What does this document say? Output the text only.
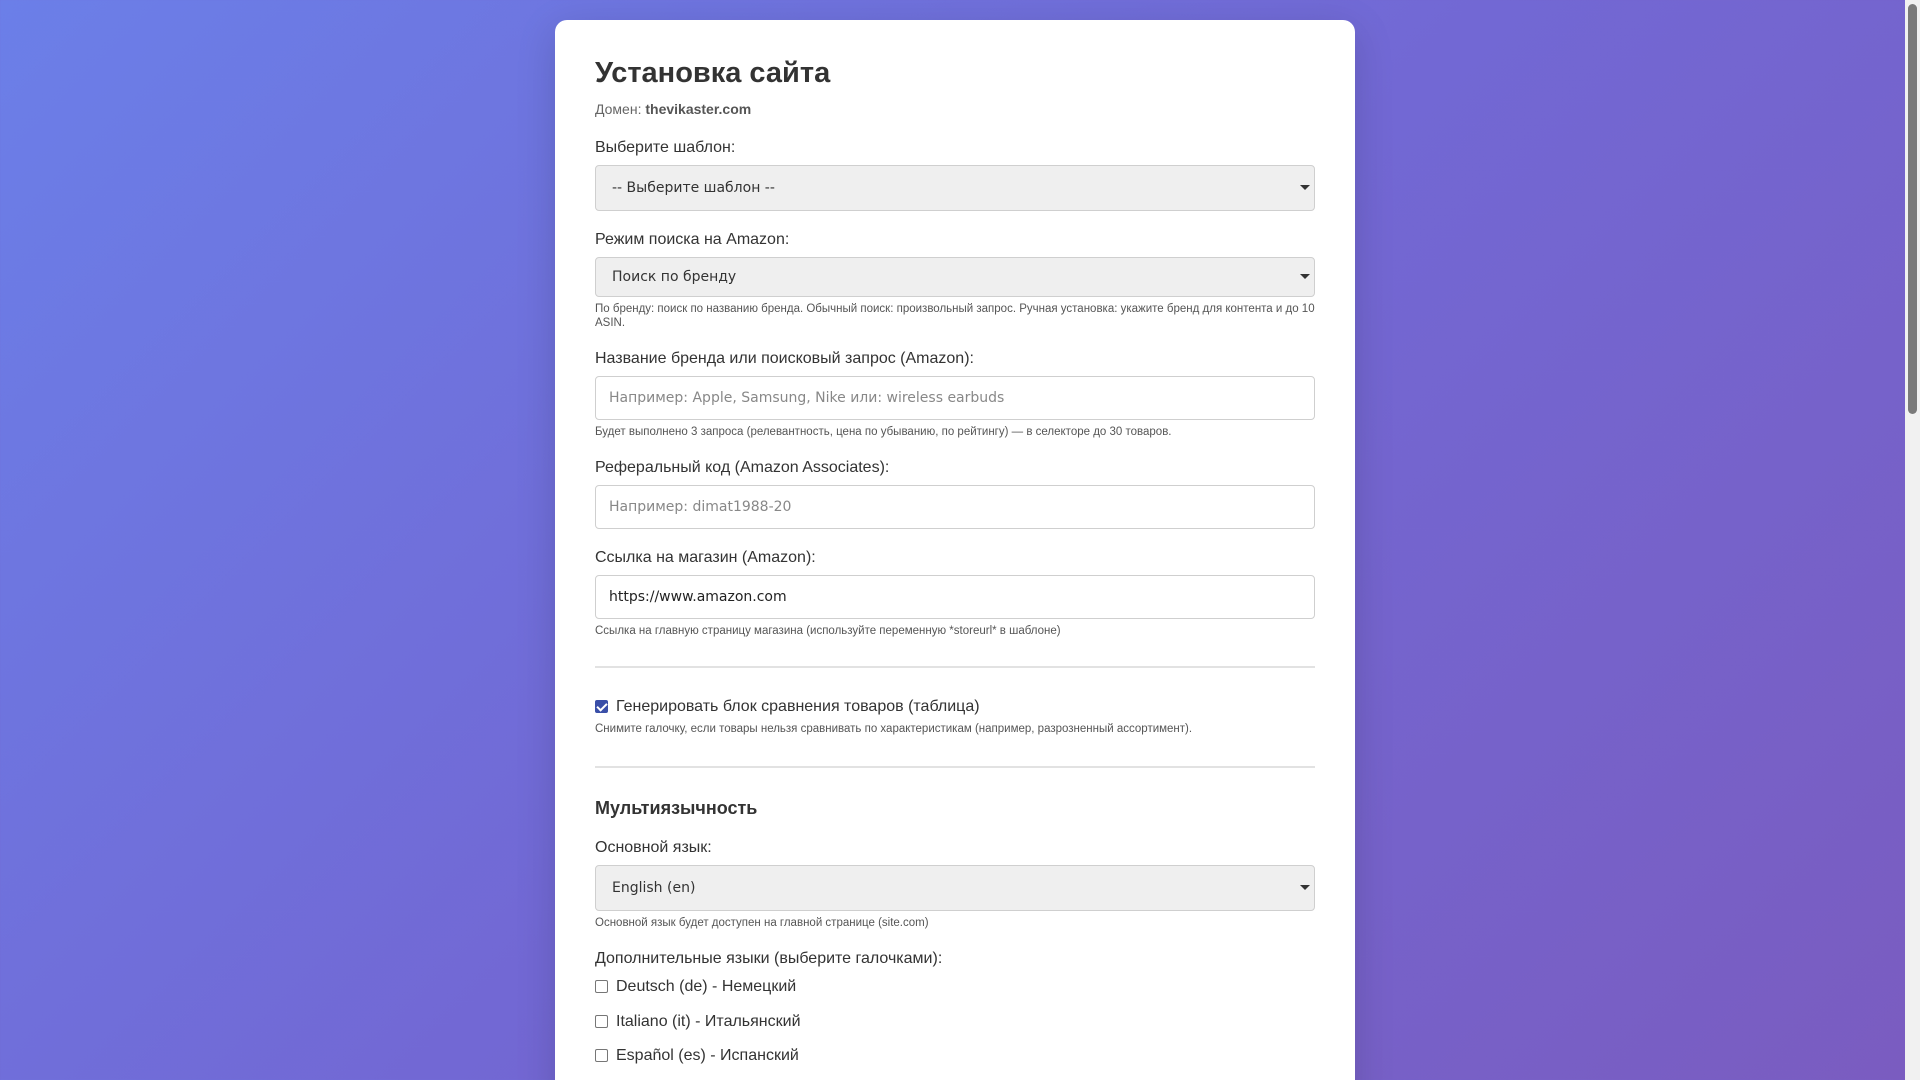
Установка сайта
Домен: thevikaster.com
Выберите шаблон:
-- Выберите шаблон --
Режим поиска на Amazon:
Поиск по бренду
По бренду: поиск по названию бренда. Обычный поиск: произвольный запрос. Ручная установка: укажите бренд для контента и до 10 ASIN.
Название бренда или поисковый запрос (Amazon):
Например: Apple, Samsung, Nike или: wireless earbuds
Будет выполнено 3 запроса (релевантность, цена по убыванию, по рейтингу) — в селекторе до 30 товаров.
Реферальный код (Amazon Associates):
Например: dimat1988-20
Ссылка на магазин (Amazon):
https://www.amazon.com
Ссылка на главную страницу магазина (используйте переменную *storeurl* в шаблоне)
Генерировать блок сравнения товаров (таблица)
Снимите галочку, если товары нельзя сравнивать по характеристикам (например, разрозненный ассортимент).
Мультиязычность
Основной язык:
English (en)
Основной язык будет доступен на главной странице (site.com)
Дополнительные языки (выберите галочками):
Deutsch (de) - Немецкий
Italiano (it) - Итальянский
Español (es) - Испанский
